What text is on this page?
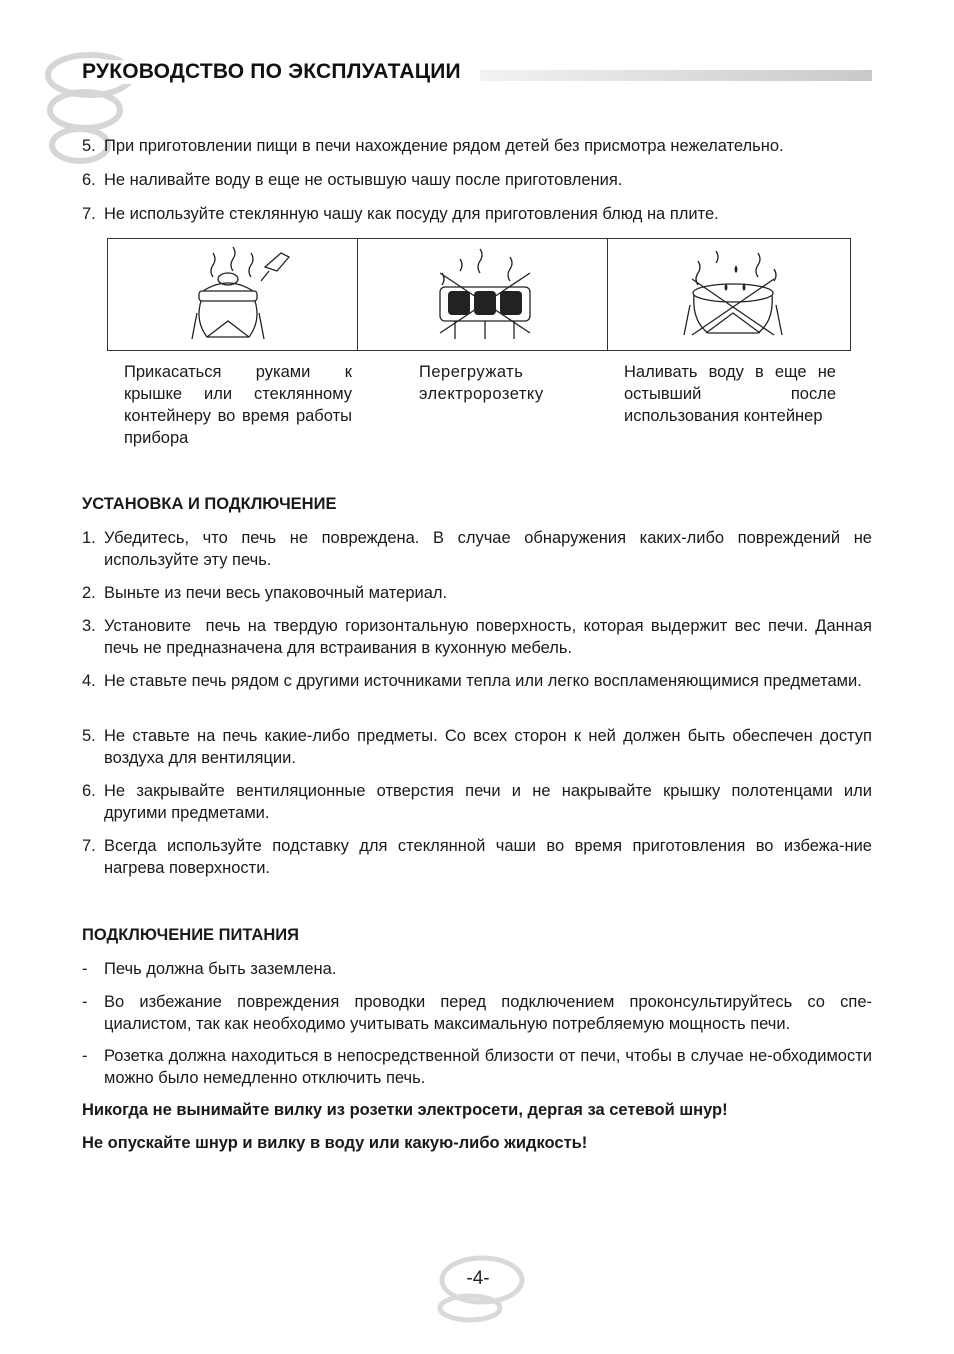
РУКОВОДСТВО ПО ЭКСПЛУАТАЦИИ
5. При приготовлении пищи в печи нахождение рядом детей без присмотра нежелательно.
6. Не наливайте воду в еще не остывшую чашу после приготовления.
7. Не используйте стеклянную чашу как посуду для приготовления блюд на плите.
Прикасаться руками к крышке или стеклянному контейнеру во время работы прибора
Перегружать электророзетку
Наливать воду в еще не остывший после использования контейнер
УСТАНОВКА И ПОДКЛЮЧЕНИЕ
1. Убедитесь, что печь не повреждена. В случае обнаружения каких-либо повреждений не используйте эту печь.
2. Выньте из печи весь упаковочный материал.
3. Установите  печь на твердую горизонтальную поверхность, которая выдержит вес печи. Данная     печь не предназначена для встраивания в кухонную мебель.
4. Не ставьте печь рядом с другими источниками тепла или легко воспламеняющимися предметами.
5. Не ставьте на печь какие-либо предметы. Со всех сторон к ней должен быть обеспечен доступ воздуха для вентиляции.
6. Не закрывайте вентиляционные отверстия печи и не накрывайте крышку полотенцами или другими предметами.
7. Всегда используйте подставку для стеклянной чаши во время приготовления во избежа-ние нагрева поверхности.
ПОДКЛЮЧЕНИЕ ПИТАНИЯ
-	Печь должна быть заземлена.
-	Во избежание повреждения проводки перед подключением проконсультируйтесь со спе-циалистом, так как необходимо учитывать максимальную потребляемую мощность печи.
-	Розетка должна находиться в непосредственной близости от печи, чтобы в случае не-обходимости можно было немедленно отключить печь.
Никогда не вынимайте вилку из розетки электросети, дергая за сетевой шнур!
Не опускайте шнур и вилку в воду или какую-либо жидкость!
-4-
